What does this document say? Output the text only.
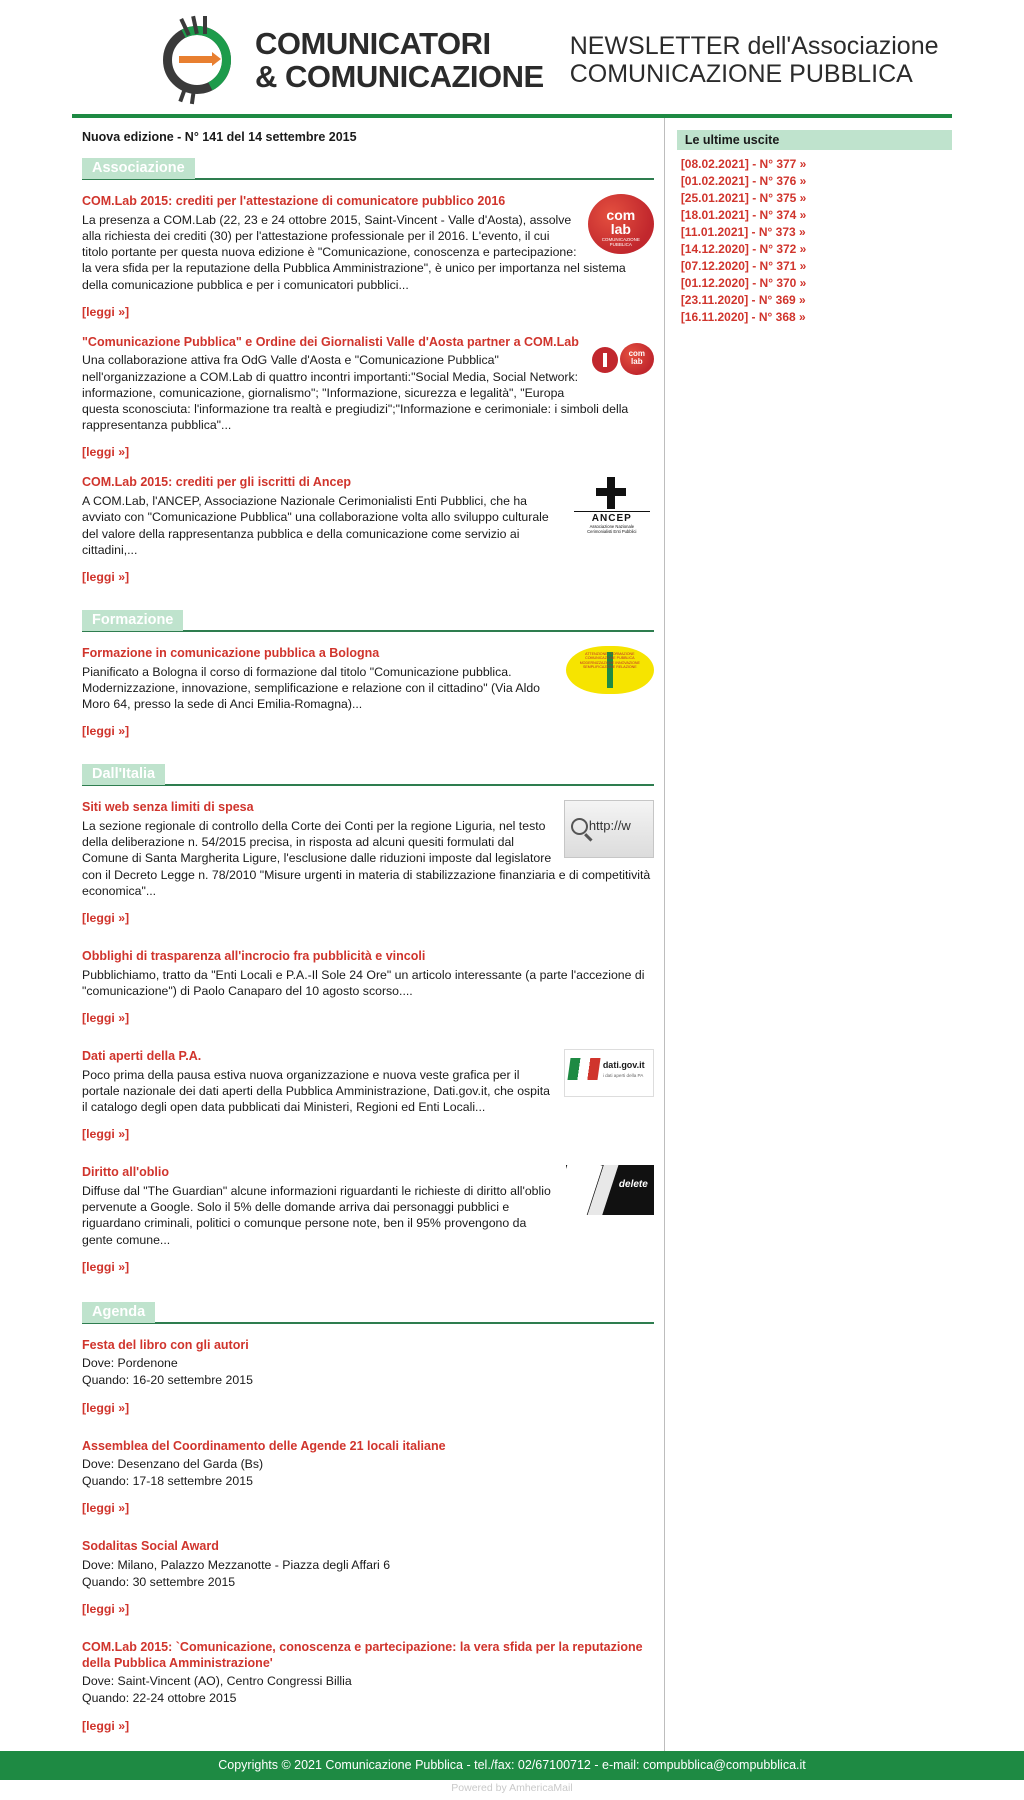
COMUNICATORI
& COMUNICAZIONE
NEWSLETTER dell'Associazione
COMUNICAZIONE PUBBLICA
Nuova edizione - N° 141 del 14 settembre 2015
Associazione
com
lab
COMUNICAZIONE
PUBBLICA
COM.Lab 2015: crediti per l'attestazione di comunicatore pubblico 2016
La presenza a COM.Lab (22, 23 e 24 ottobre 2015, Saint-Vincent - Valle d'Aosta), assolve alla richiesta dei crediti (30) per l'attestazione professionale per il 2016. L'evento, il cui titolo portante per questa nuova edizione è "Comunicazione, conoscenza e partecipazione: la vera sfida per la reputazione della Pubblica Amministrazione", è unico per importanza nel sistema della comunicazione pubblica e per i comunicatori pubblici...
[leggi »]
com
lab
"Comunicazione Pubblica" e Ordine dei Giornalisti Valle d'Aosta partner a COM.Lab
Una collaborazione attiva fra OdG Valle d'Aosta e "Comunicazione Pubblica" nell'organizzazione a COM.Lab di quattro incontri importanti:"Social Media, Social Network: informazione, comunicazione, giornalismo"; "Informazione, sicurezza e legalità", "Europa questa sconosciuta: l'informazione tra realtà e pregiudizi";"Informazione e cerimoniale: i simboli della rappresentanza pubblica"...
[leggi »]
ANCEP
Associazione Nazionale
Cerimonialisti Enti Pubblici
COM.Lab 2015: crediti per gli iscritti di Ancep
A COM.Lab, l'ANCEP, Associazione Nazionale Cerimonialisti Enti Pubblici, che ha avviato con "Comunicazione Pubblica" una collaborazione volta allo sviluppo culturale del valore della rappresentanza pubblica e della comunicazione come servizio ai cittadini,...
[leggi »]
Formazione
ATTENZIONE   FORMAZIONE
COMUNICAZIONE PUBBLICA
MODERNIZZAZIONE INNOVAZIONE
SEMPLIFICAZIONE RELAZIONE
Formazione in comunicazione pubblica a Bologna
Pianificato a Bologna il corso di formazione dal titolo "Comunicazione pubblica. Modernizzazione, innovazione, semplificazione e relazione con il cittadino" (Via Aldo Moro 64, presso la sede di Anci Emilia-Romagna)...
[leggi »]
Dall'Italia
http://w
Siti web senza limiti di spesa
La sezione regionale di controllo della Corte dei Conti per la regione Liguria, nel testo della deliberazione n. 54/2015 precisa, in risposta ad alcuni quesiti formulati dal Comune di Santa Margherita Ligure, l'esclusione dalle riduzioni imposte dal legislatore con il Decreto Legge n. 78/2010 "Misure urgenti in materia di stabilizzazione finanziaria e di competitività economica"...
[leggi »]
Obblighi di trasparenza all'incrocio fra pubblicità e vincoli
Pubblichiamo, tratto da "Enti Locali e P.A.-Il Sole 24 Ore" un articolo interessante (a parte l'accezione di "comunicazione") di Paolo Canaparo del 10 agosto scorso....
[leggi »]
dati.gov.it
i dati aperti della PA
Dati aperti della P.A.
Poco prima della pausa estiva nuova organizzazione e nuova veste grafica per il portale nazionale dei dati aperti della Pubblica Amministrazione, Dati.gov.it, che ospita il catalogo degli open data pubblicati dai Ministeri, Regioni ed Enti Locali...
[leggi »]
delete
Diritto all'oblio
Diffuse dal "The Guardian" alcune informazioni riguardanti le richieste di diritto all'oblio pervenute a Google. Solo il 5% delle domande arriva dai personaggi pubblici e riguardano criminali, politici o comunque persone note, ben il 95% provengono da gente comune...
[leggi »]
Agenda
Festa del libro con gli autori
Dove: Pordenone
Quando: 16-20 settembre 2015
[leggi »]
Assemblea del Coordinamento delle Agende 21 locali italiane
Dove: Desenzano del Garda (Bs)
Quando: 17-18 settembre 2015
[leggi »]
Sodalitas Social Award
Dove: Milano, Palazzo Mezzanotte - Piazza degli Affari 6
Quando: 30 settembre 2015
[leggi »]
COM.Lab 2015: `Comunicazione, conoscenza e partecipazione: la vera sfida per la reputazione della Pubblica Amministrazione'
Dove: Saint-Vincent (AO), Centro Congressi Billia
Quando: 22-24 ottobre 2015
[leggi »]
Le ultime uscite
[08.02.2021] - N° 377 »
[01.02.2021] - N° 376 »
[25.01.2021] - N° 375 »
[18.01.2021] - N° 374 »
[11.01.2021] - N° 373 »
[14.12.2020] - N° 372 »
[07.12.2020] - N° 371 »
[01.12.2020] - N° 370 »
[23.11.2020] - N° 369 »
[16.11.2020] - N° 368 »
Copyrights © 2021 Comunicazione Pubblica - tel./fax: 02/67100712 - e-mail: compubblica@compubblica.it
Powered by AmhericaMail
